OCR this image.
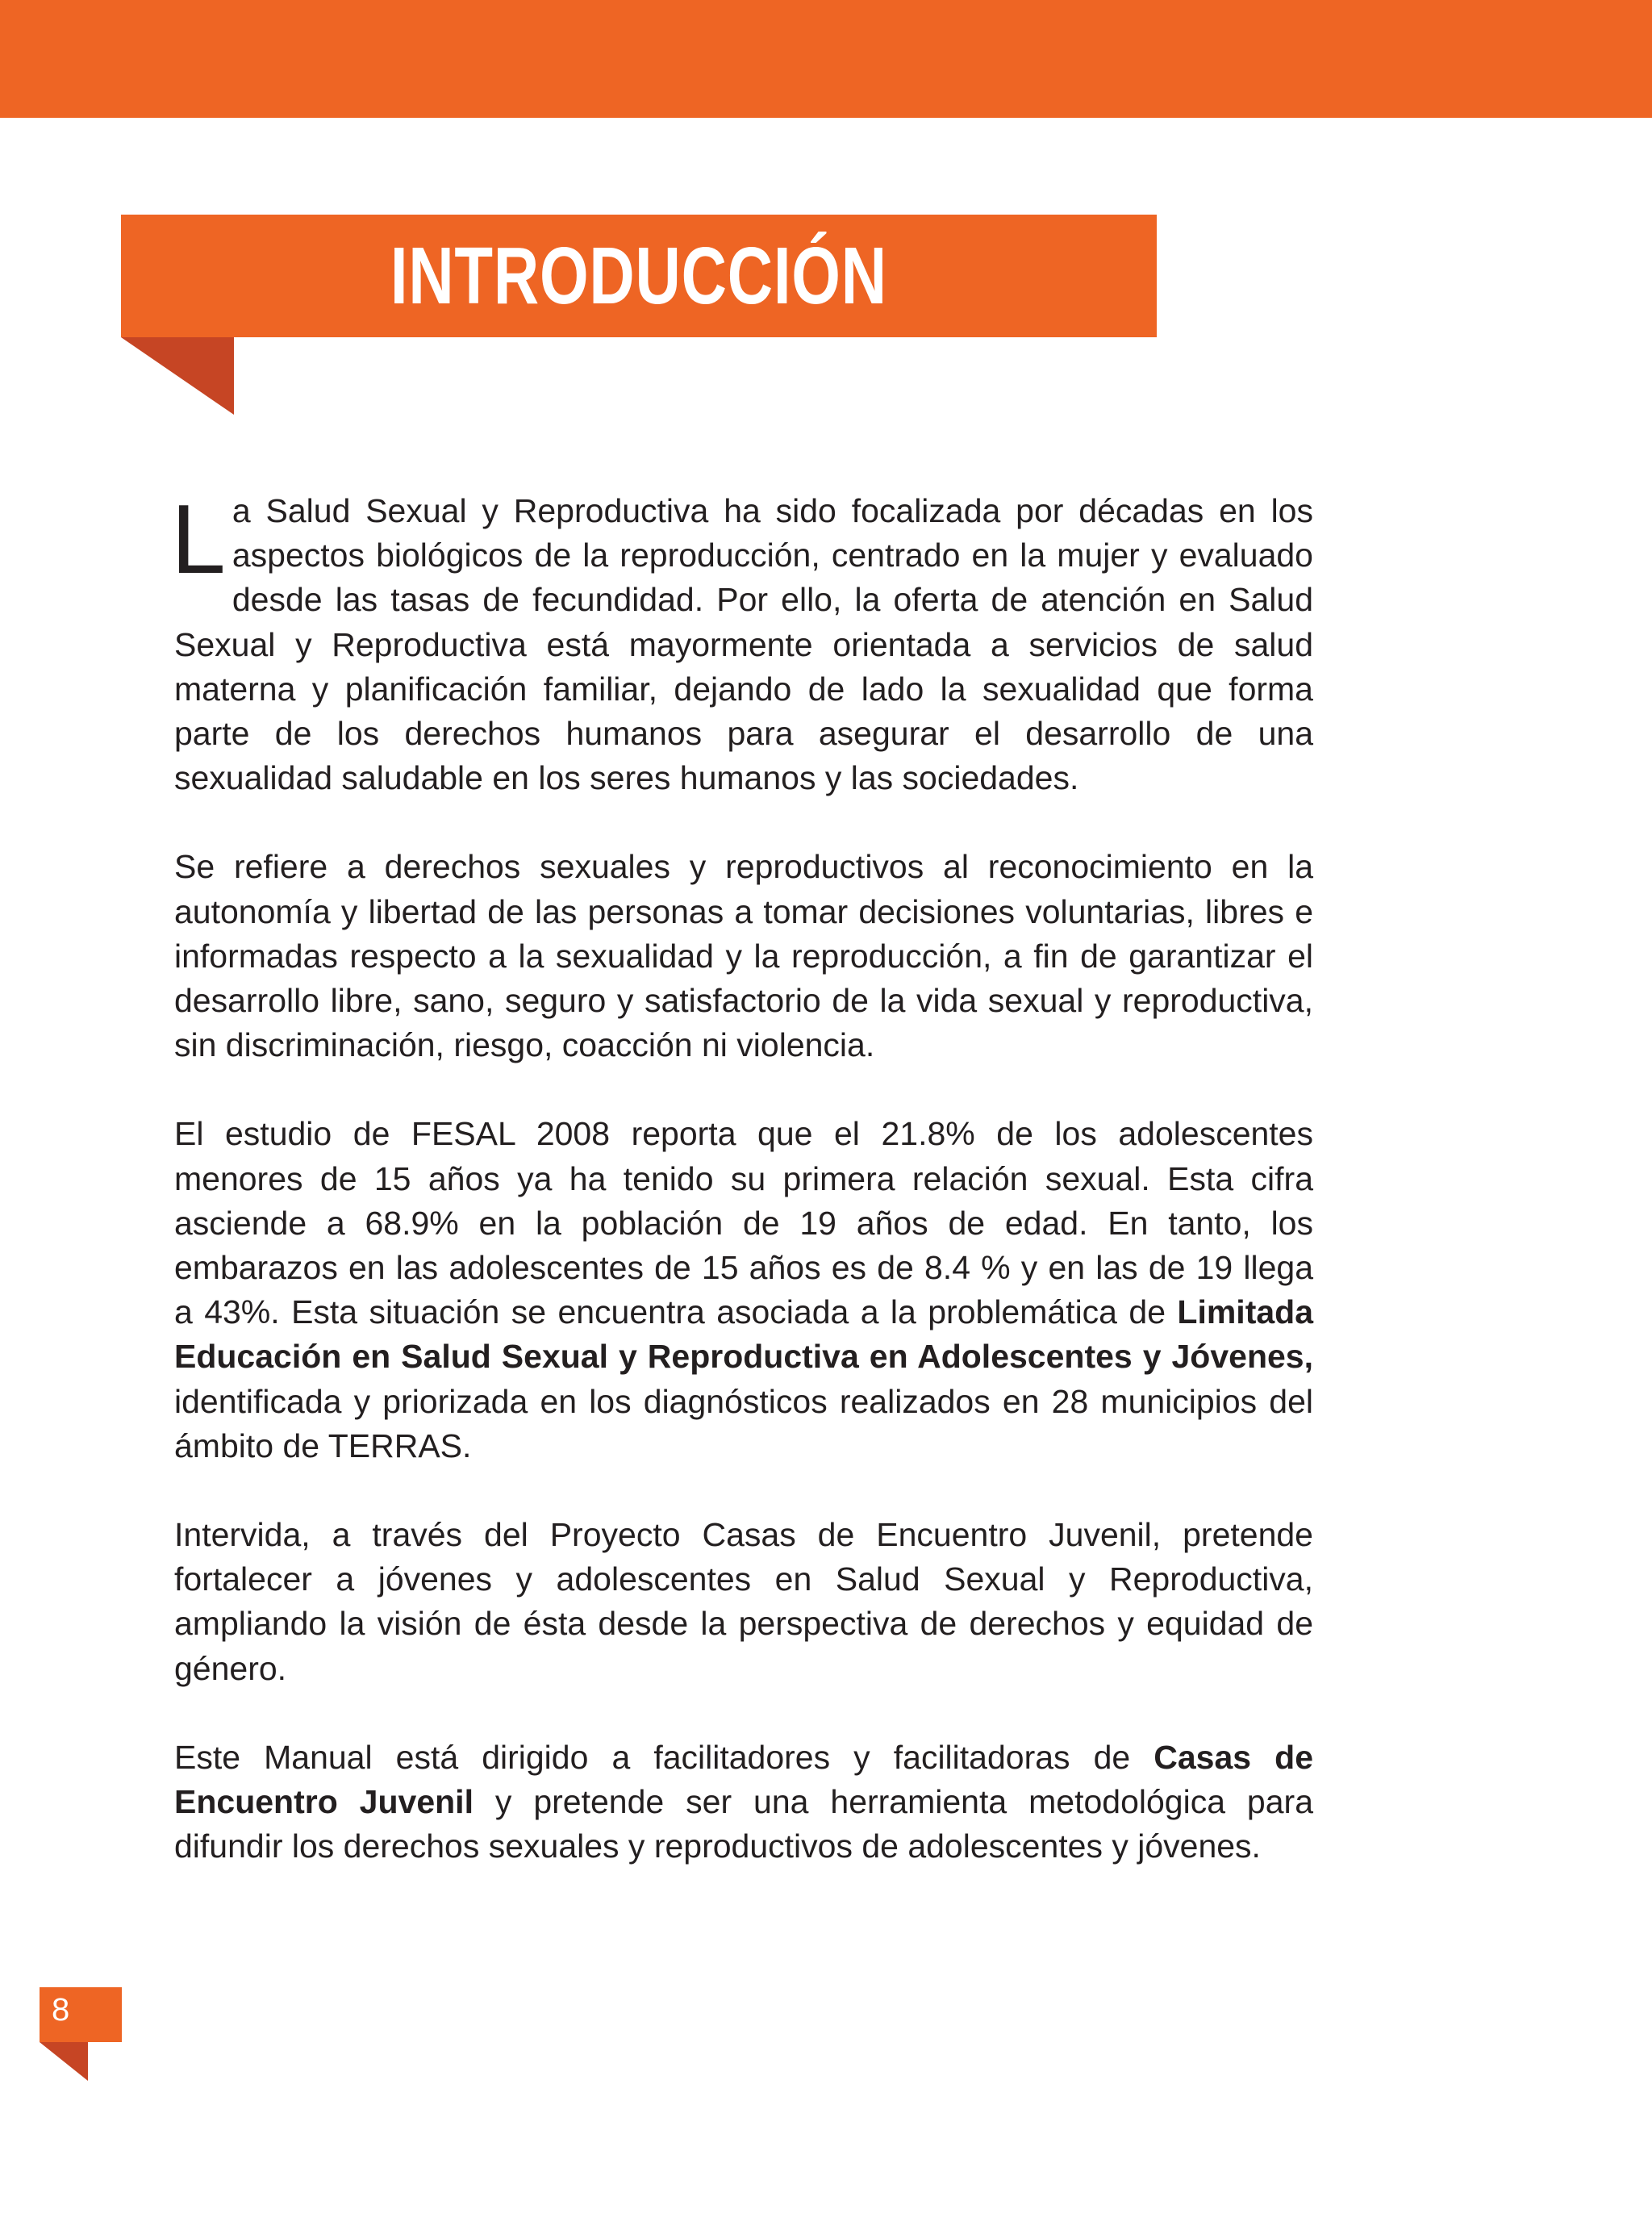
INTRODUCCIÓN

La Salud Sexual y Reproductiva ha sido focalizada por décadas en los aspectos biológicos de la reproducción, centrado en la mujer y evaluado desde las tasas de fecundidad. Por ello, la oferta de atención en Salud Sexual y Reproductiva está mayormente orientada a servicios de salud materna y planificación familiar, dejando de lado la sexualidad que forma parte de los derechos humanos para asegurar el desarrollo de una sexualidad saludable en los seres humanos y las sociedades.

Se refiere a derechos sexuales y reproductivos al reconocimiento en la autonomía y libertad de las personas a tomar decisiones voluntarias, libres e informadas respecto a la sexualidad y la reproducción, a fin de garantizar el desarrollo libre, sano, seguro y satisfactorio de la vida sexual y reproductiva, sin discriminación, riesgo, coacción ni violencia.

El estudio de FESAL 2008 reporta que el 21.8% de los adolescentes menores de 15 años ya ha tenido su primera relación sexual. Esta cifra asciende a 68.9% en la población de 19 años de edad. En tanto, los embarazos en las adolescentes de 15 años es de 8.4 % y en las de 19 llega a 43%. Esta situación se encuentra asociada a la problemática de Limitada Educación en Salud Sexual y Reproductiva en Adolescentes y Jóvenes, identificada y priorizada en los diagnósticos realizados en 28 municipios del ámbito de TERRAS.

Intervida, a través del Proyecto Casas de Encuentro Juvenil, pretende fortalecer a jóvenes y adolescentes en Salud Sexual y Reproductiva, ampliando la visión de ésta desde la perspectiva de derechos y equidad de género.

Este Manual está dirigido a facilitadores y facilitadoras de Casas de Encuentro Juvenil y pretende ser una herramienta metodológica para difundir los derechos sexuales y reproductivos de adolescentes y jóvenes.

8
